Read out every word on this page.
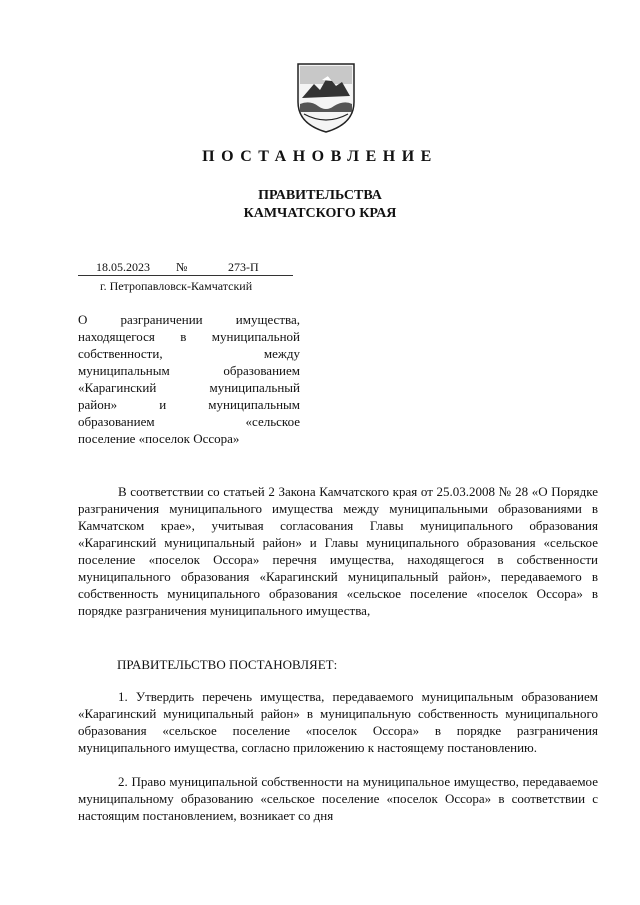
ПОСТАНОВЛЕНИЕ
ПРАВИТЕЛЬСТВА
КАМЧАТСКОГО КРАЯ
18.05.2023 №	273-П
г. Петропавловск-Камчатский
О разграничении имущества,
находящегося в муниципальной
собственности, между
муниципальным образованием
«Карагинский муниципальный
район» и муниципальным
образованием «сельское
поселение «поселок Оссора»
В соответствии со статьей 2 Закона Камчатского края от 25.03.2008 № 28 «О Порядке разграничения муниципального имущества между муниципальными образованиями в Камчатском крае», учитывая согласования Главы муниципального образования «Карагинский муниципальный район» и Главы муниципального образования «сельское поселение «поселок Оссора» перечня имущества, находящегося в собственности муниципального образования «Карагинский муниципальный район», передаваемого в собственность муниципального образования «сельское поселение «поселок Оссора» в порядке разграничения муниципального имущества,
ПРАВИТЕЛЬСТВО ПОСТАНОВЛЯЕТ:
1. Утвердить перечень имущества, передаваемого муниципальным образованием «Карагинский муниципальный район» в муниципальную собственность муниципального образования «сельское поселение «поселок Оссора» в порядке разграничения муниципального имущества, согласно приложению к настоящему постановлению.
2. Право муниципальной собственности на муниципальное имущество, передаваемое муниципальному образованию «сельское поселение «поселок Оссора» в соответствии с настоящим постановлением, возникает со дня
